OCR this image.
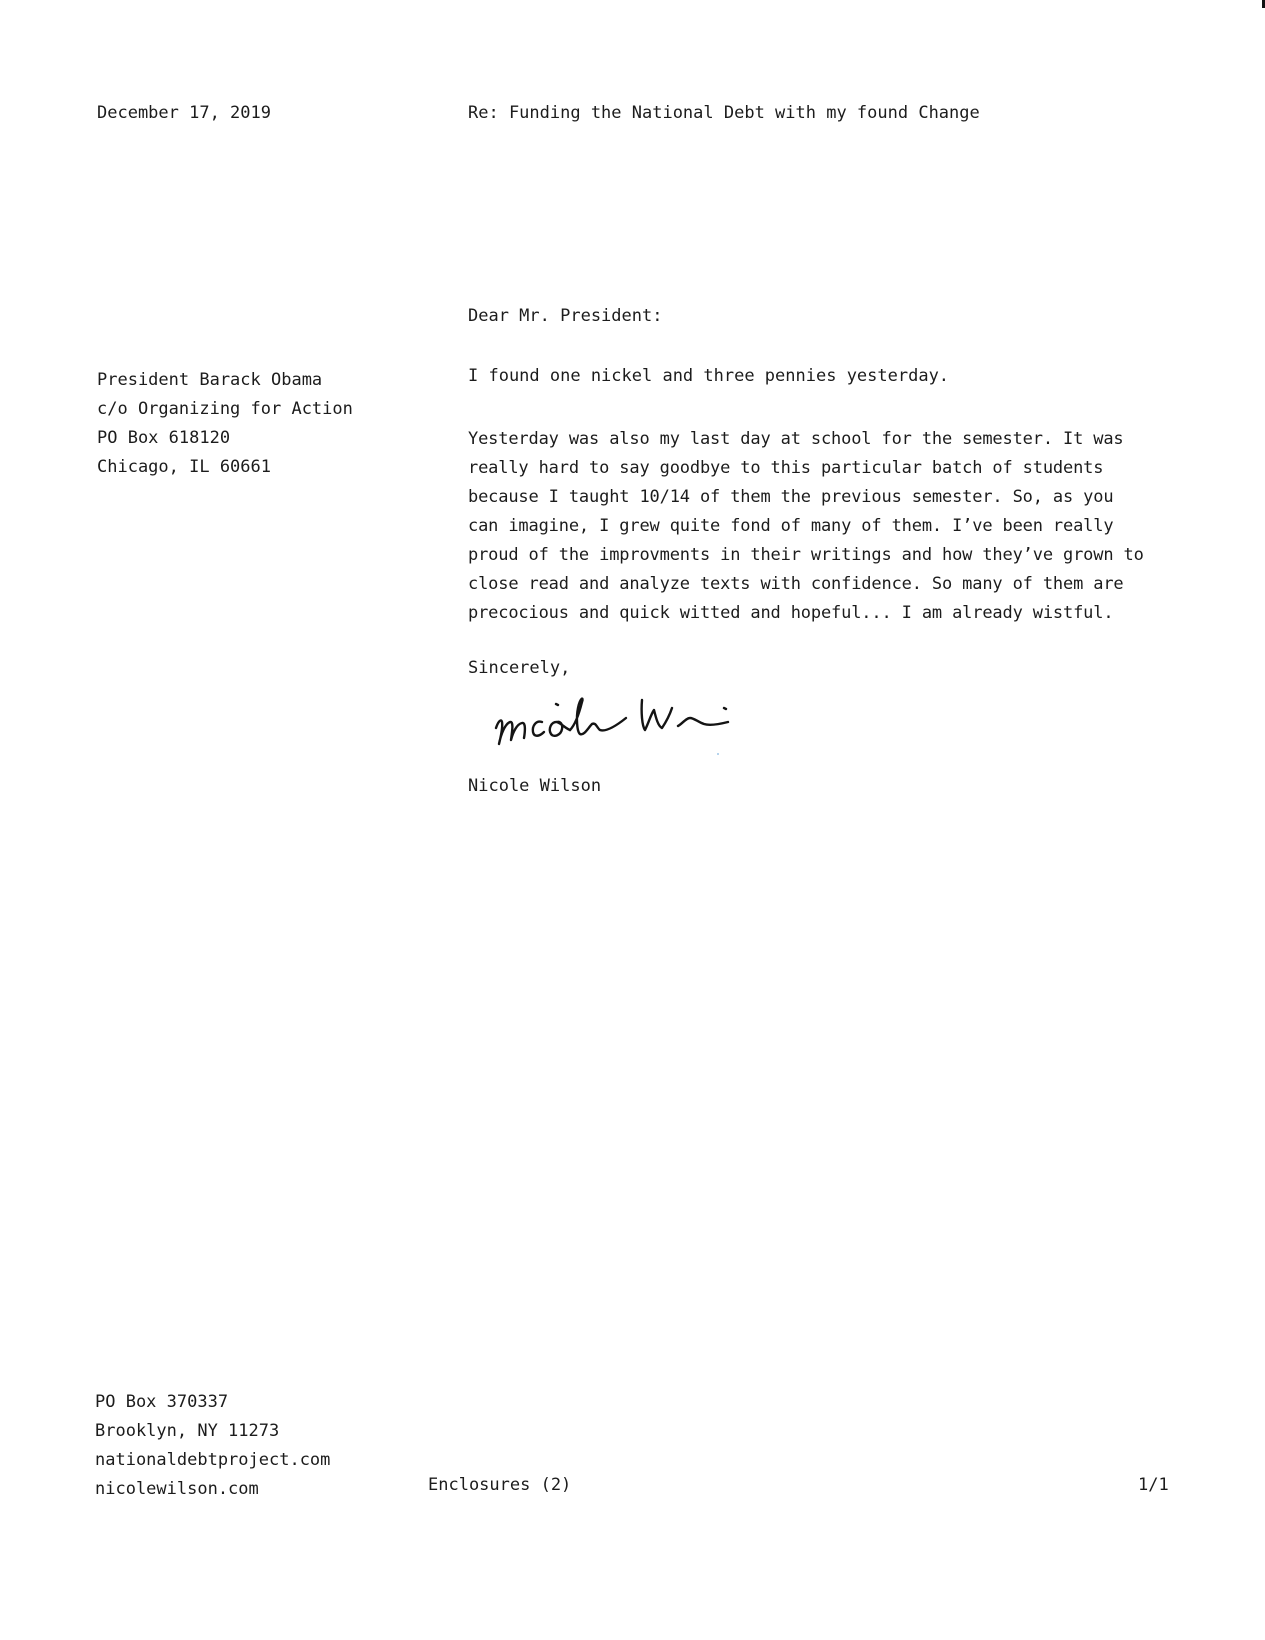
December 17, 2019	Re: Funding the National Debt with my found Change
Dear Mr. President:
President Barack Obama
c/o Organizing for Action
PO Box 618120
Chicago, IL 60661
I found one nickel and three pennies yesterday.
Yesterday was also my last day at school for the semester. It was
really hard to say goodbye to this particular batch of students
because I taught 10/14 of them the previous semester. So, as you
can imagine, I grew quite fond of many of them. I’ve been really
proud of the improvments in their writings and how they’ve grown to
close read and analyze texts with confidence. So many of them are
precocious and quick witted and hopeful... I am already wistful.
Sincerely,
Nicole Wilson
PO Box 370337
Brooklyn, NY 11273
nationaldebtproject.com
nicolewilson.com	Enclosures (2)	1/1
